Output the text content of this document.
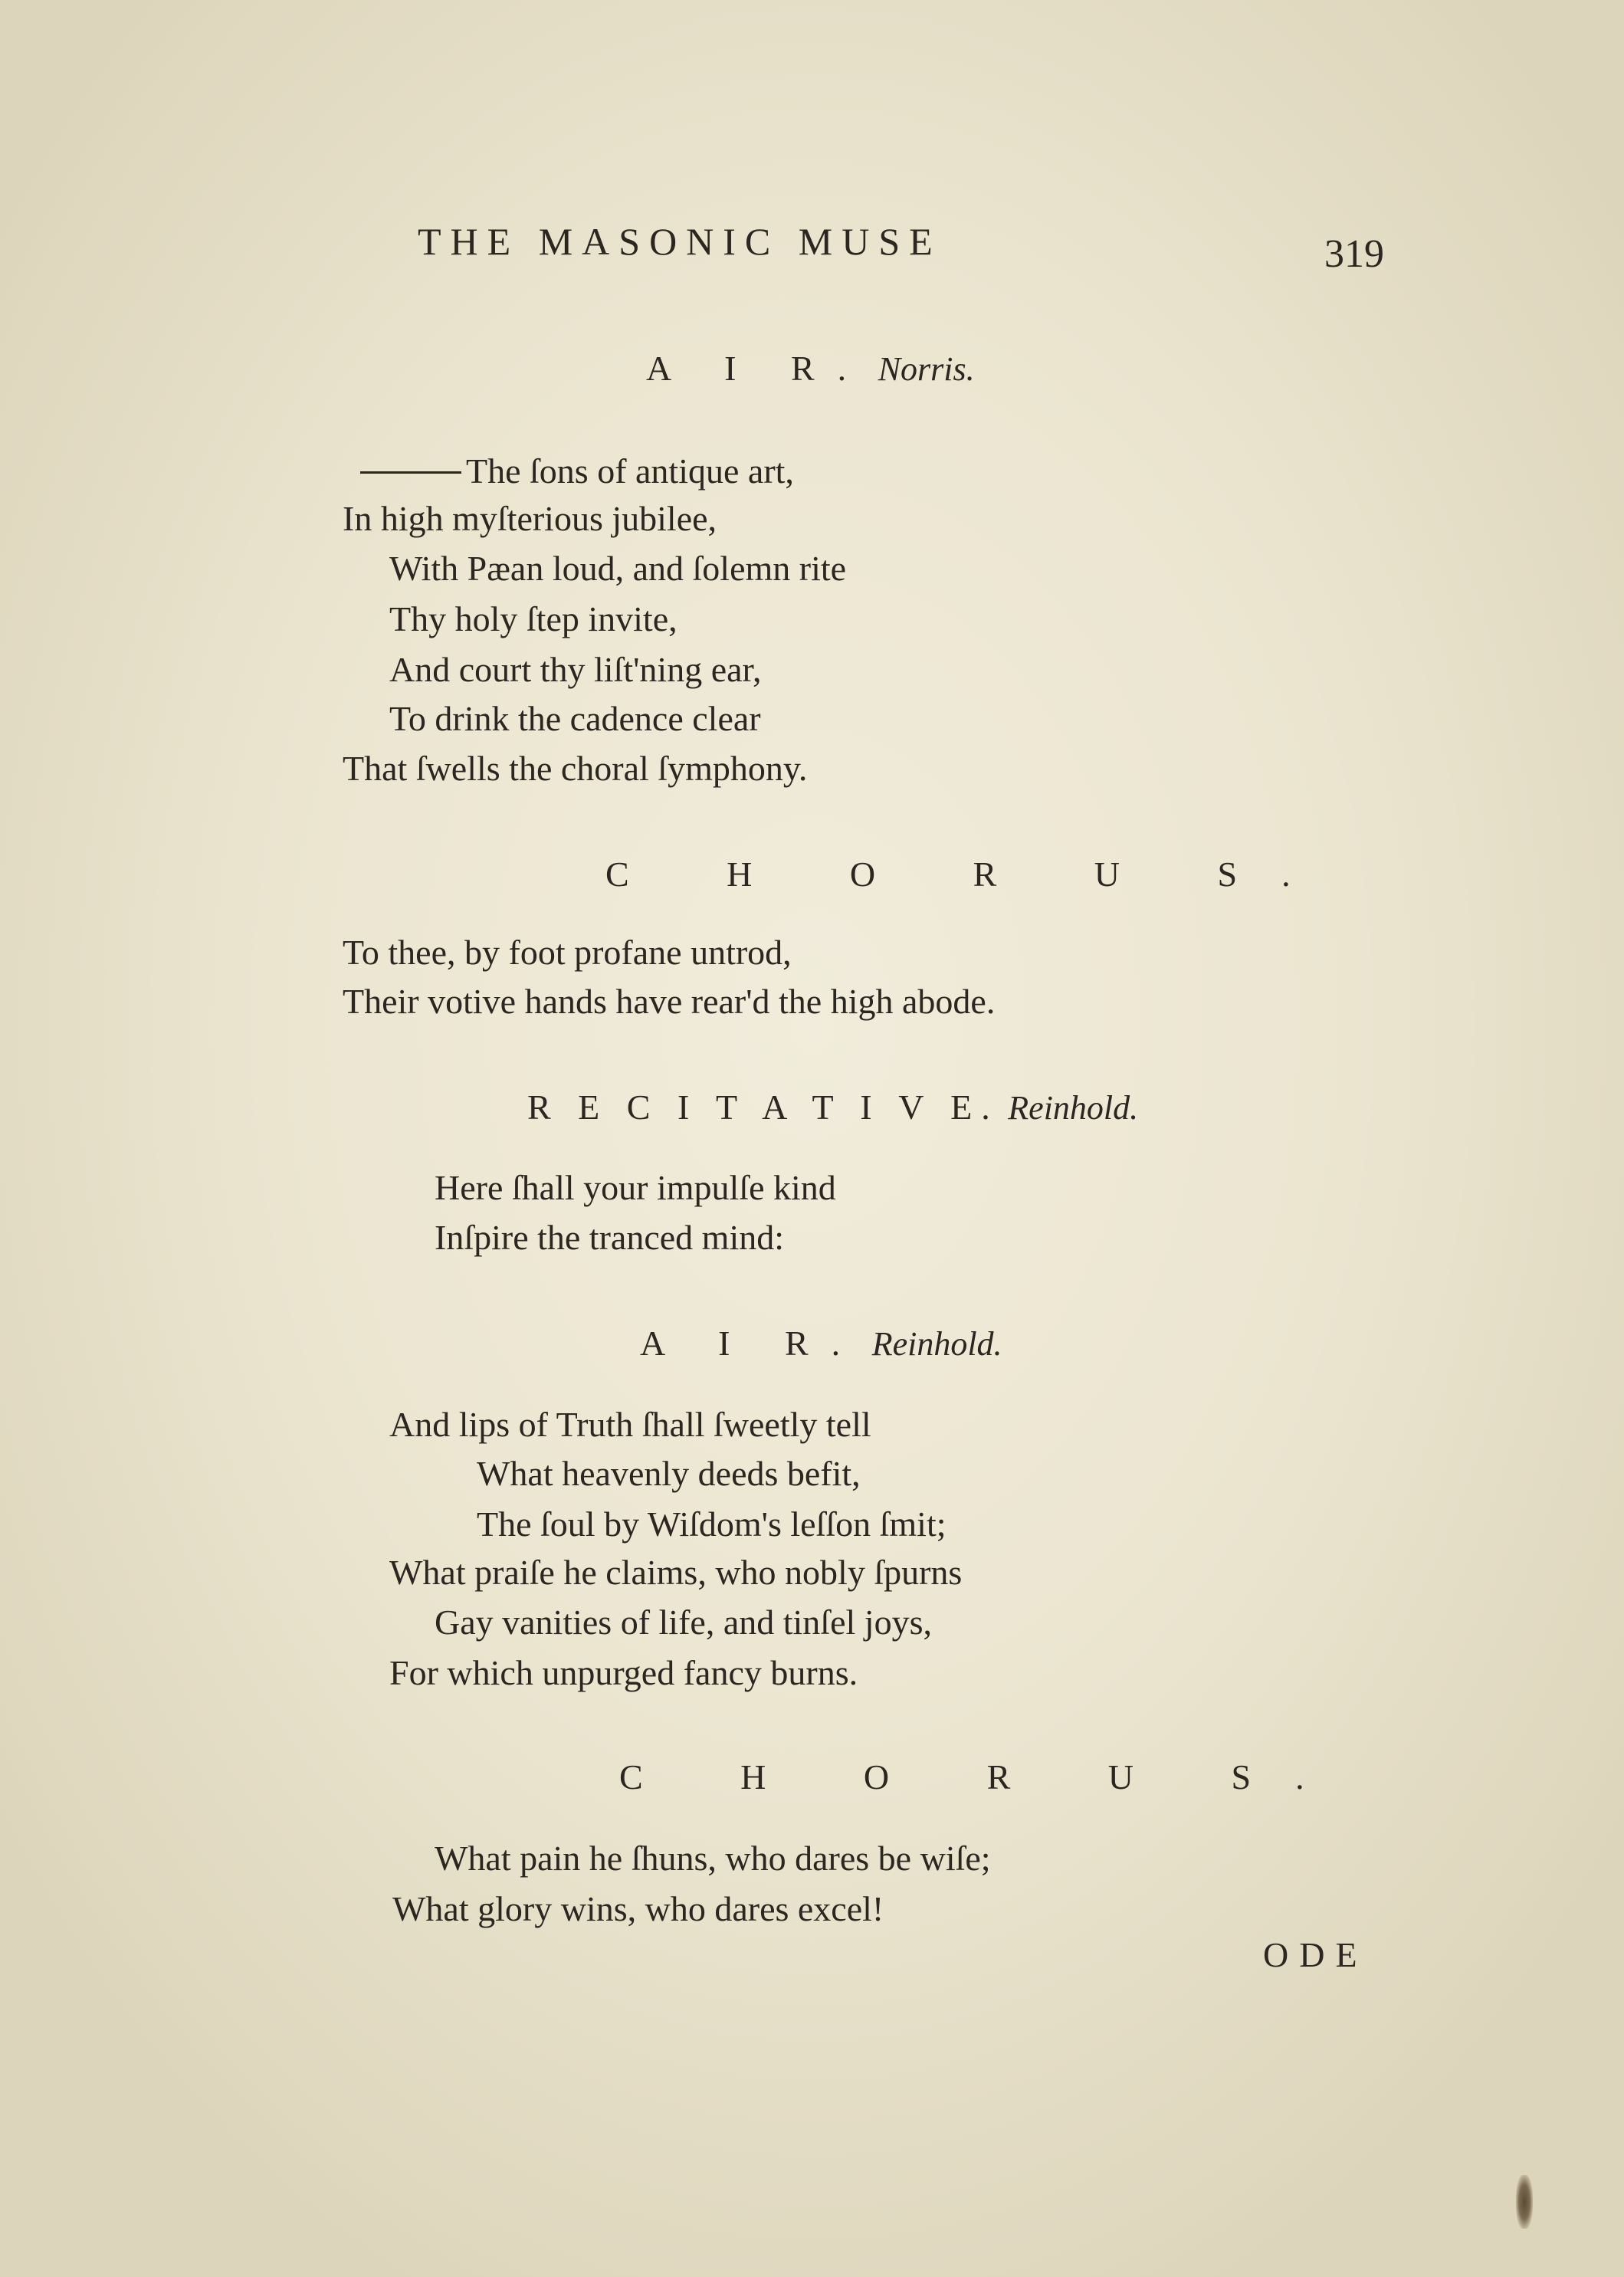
THE MASONIC MUSE	319
A I R. Norris.
The ſons of antique art,
In high myſterious jubilee,
With Pæan loud, and ſolemn rite
Thy holy ſtep invite,
And court thy liſt'ning ear,
To drink the cadence clear
That ſwells the choral ſymphony.
C H O R U S.
To thee, by foot profane untrod,
Their votive hands have rear'd the high abode.
R E C I T A T I V E. Reinhold.
Here ſhall your impulſe kind
Inſpire the tranced mind:
A I R. Reinhold.
And lips of Truth ſhall ſweetly tell
What heavenly deeds befit,
The ſoul by Wiſdom's leſſon ſmit;
What praiſe he claims, who nobly ſpurns
Gay vanities of life, and tinſel joys,
For which unpurged fancy burns.
C H O R U S.
What pain he ſhuns, who dares be wiſe;
What glory wins, who dares excel!
ODE
